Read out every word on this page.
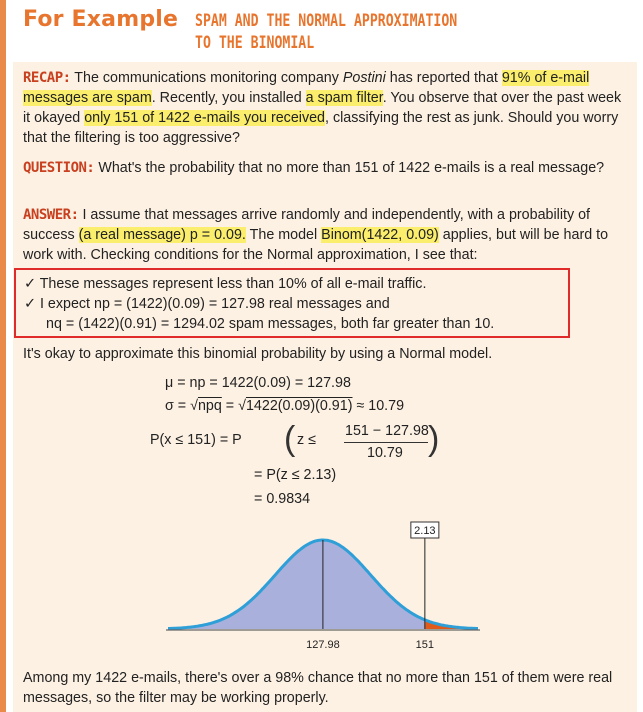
For Example SPAM AND THE NORMAL APPROXIMATION
TO THE BINOMIAL
RECAP: The communications monitoring company Postini has reported that 91% of e-mail messages are spam. Recently, you installed a spam filter. You observe that over the past week it okayed only 151 of 1422 e-mails you received, classifying the rest as junk. Should you worry that the filtering is too aggressive?
QUESTION: What's the probability that no more than 151 of 1422 e-mails is a real message?
ANSWER: I assume that messages arrive randomly and independently, with a probability of success (a real message) p = 0.09. The model Binom(1422, 0.09) applies, but will be hard to work with. Checking conditions for the Normal approximation, I see that:
✓ These messages represent less than 10% of all e-mail traffic.
✓ I expect np = (1422)(0.09) = 127.98 real messages and
nq = (1422)(0.91) = 1294.02 spam messages, both far greater than 10.
It's okay to approximate this binomial probability by using a Normal model.
μ = np = 1422(0.09) = 127.98
σ = √npq = √1422(0.09)(0.91) ≈ 10.79
P(x ≤ 151) = P ( z ≤
151 − 127.98
10.79 )
= P(z ≤ 2.13)
= 0.9834
2.13
127.98	151
Among my 1422 e-mails, there's over a 98% chance that no more than 151 of them were real messages, so the filter may be working properly.
